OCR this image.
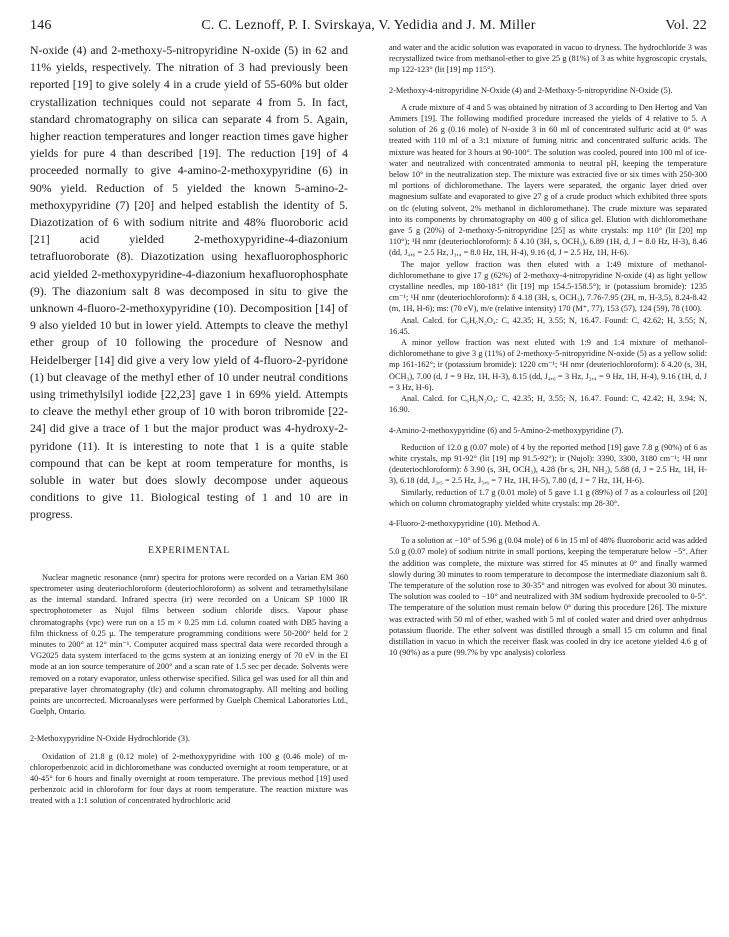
146	C. C. Leznoff, P. I. Svirskaya, V. Yedidia and J. M. Miller	Vol. 22

N-oxide (4) and 2-methoxy-5-nitropyridine N-oxide (5) in 62 and 11% yields, respectively. The nitration of 3 had previously been reported [19] to give solely 4 in a crude yield of 55-60% but older crystallization techniques could not separate 4 from 5. In fact, standard chromatography on silica can separate 4 from 5. Again, higher reaction temperatures and longer reaction times gave higher yields for pure 4 than described [19]. The reduction [19] of 4 proceeded normally to give 4-amino-2-methoxypyridine (6) in 90% yield. Reduction of 5 yielded the known 5-amino-2-methoxypyridine (7) [20] and helped establish the identity of 5. Diazotization of 6 with sodium nitrite and 48% fluoroboric acid [21] acid yielded 2-methoxypyridine-4-diazonium tetrafluoroborate (8). Diazotization using hexafluorophosphoric acid yielded 2-methoxypyridine-4-diazonium hexafluorophosphate (9). The diazonium salt 8 was decomposed in situ to give the unknown 4-fluoro-2-methoxypyridine (10). Decomposition [14] of 9 also yielded 10 but in lower yield. Attempts to cleave the methyl ether group of 10 following the procedure of Nesnow and Heidelberger [14] did give a very low yield of 4-fluoro-2-pyridone (1) but cleavage of the methyl ether of 10 under neutral conditions using trimethylsilyl iodide [22,23] gave 1 in 69% yield. Attempts to cleave the methyl ether group of 10 with boron tribromide [22-24] did give a trace of 1 but the major product was 4-hydroxy-2-pyridone (11). It is interesting to note that 1 is a quite stable compound that can be kept at room temperature for months, is soluble in water but does slowly decompose under aqueous conditions to give 11. Biological testing of 1 and 10 are in progress.

EXPERIMENTAL

Nuclear magnetic resonance (nmr) spectra for protons were recorded on a Varian EM 360 spectrometer using deuteriochloroform (deuteriochloroform) as solvent and tetramethylsilane as the internal standard. Infrared spectra (ir) were recorded on a Unicam SP 1000 IR spectrophotometer as Nujol films between sodium chloride discs. Vapour phase chromatographs (vpc) were run on a 15 m × 0.25 mm i.d. column coated with DB5 having a film thickness of 0.25 µ. The temperature programming conditions were 50-200° held for 2 minutes to 200° at 12° min⁻¹. Computer acquired mass spectral data were recorded through a VG2025 data system interfaced to the gcms system at an ionizing energy of 70 eV in the EI mode at an ion source temperature of 200° and a scan rate of 1.5 sec per decade. Solvents were removed on a rotary evaporator, unless otherwise specified. Silica gel was used for all thin and preparative layer chromatography (tlc) and column chromatography. All melting and boiling points are uncorrected. Microanalyses were performed by Guelph Chemical Laboratories Ltd., Guelph, Ontario.

2-Methoxypyridine N-Oxide Hydrochloride (3).

Oxidation of 21.8 g (0.12 mole) of 2-methoxypyridine with 100 g (0.46 mole) of m-chloroperbenzoic acid in dichloromethane was conducted overnight at room temperature, or at 40-45° for 6 hours and finally overnight at room temperature. The previous method [19] used perbenzoic acid in chloroform for four days at room temperature. The reaction mixture was treated with a 1:1 solution of concentrated hydrochloric acid

and water and the acidic solution was evaporated in vacuo to dryness. The hydrochloride 3 was recrystallized twice from methanol-ether to give 25 g (81%) of 3 as white hygroscopic crystals, mp 122-123° (lit [19] mp 115°).

2-Methoxy-4-nitropyridine N-Oxide (4) and 2-Methoxy-5-nitropyridine N-Oxide (5).

A crude mixture of 4 and 5 was obtained by nitration of 3 according to Den Hertog and Van Ammers [19]. The following modified procedure increased the yields of 4 relative to 5. A solution of 26 g (0.16 mole) of N-oxide 3 in 60 ml of concentrated sulfuric acid at 0° was treated with 110 ml of a 3:1 mixture of fuming nitric and concentrated sulfuric acids. The mixture was heated for 3 hours at 90-100°. The solution was cooled, poured into 100 ml of ice-water and neutralized with concentrated ammonia to neutral pH, keeping the temperature below 10° in the neutralization step. The mixture was extracted five or six times with 250-300 ml portions of dichloromethane. The layers were separated, the organic layer dried over magnesium sulfate and evaporated to give 27 g of a crude product which exhibited three spots on tlc (eluting solvent, 2% methanol in dichloromethane). The crude mixture was separated into its components by chromatography on 400 g of silica gel. Elution with dichloromethane gave 5 g (20%) of 2-methoxy-5-nitropyridine [25] as white crystals: mp 110° (lit [20] mp 110°); ¹H nmr (deuteriochloroform): δ 4.10 (3H, s, OCH₃), 6.89 (1H, d, J = 8.0 Hz, H-3), 8.46 (dd, J₄,₆ = 2.5 Hz, J₃,₄ = 8.0 Hz, 1H, H-4), 9.16 (d, J = 2.5 Hz, 1H, H-6).

The major yellow fraction was then eluted with a 1:49 mixture of methanol-dichloromethane to give 17 g (62%) of 2-methoxy-4-nitropyridine N-oxide (4) as light yellow crystalline needles, mp 180-181° (lit [19] mp 154.5-158.5°); ir (potassium bromide): 1235 cm⁻¹; ¹H nmr (deuteriochloroform): δ 4.18 (3H, s, OCH₃), 7.76-7.95 (2H, m, H-3,5), 8.24-8.42 (m, 1H, H-6); ms: (70 eV), m/e (relative intensity) 170 (M⁺, 77), 153 (57), 124 (59), 78 (100).

Anal. Calcd. for C₆H₆N₂O₄: C, 42.35; H, 3.55; N, 16.47. Found: C, 42.62; H, 3.55; N, 16.45.

A minor yellow fraction was next eluted with 1:9 and 1:4 mixture of methanol-dichloromethane to give 3 g (11%) of 2-methoxy-5-nitropyridine N-oxide (5) as a yellow solid: mp 161-162°; ir (potassium bromide): 1220 cm⁻¹; ¹H nmr (deuteriochloroform): δ 4.20 (s, 3H, OCH₃), 7.00 (d, J = 9 Hz, 1H, H-3), 8.15 (dd, J₄,₆ = 3 Hz, J₃,₄ = 9 Hz, 1H, H-4), 9.16 (1H, d, J = 3 Hz, H-6).

Anal. Calcd. for C₆H₆N₂O₄: C, 42.35; H, 3.55; N, 16.47. Found: C, 42.42; H, 3.94; N, 16.90.

4-Amino-2-methoxypyridine (6) and 5-Amino-2-methoxypyridine (7).

Reduction of 12.0 g (0.07 mole) of 4 by the reported method [19] gave 7.8 g (90%) of 6 as white crystals, mp 91-92° (lit [19] mp 91.5-92°); ir (Nujol): 3390, 3300, 3180 cm⁻¹; ¹H nmr (deuteriochloroform): δ 3.90 (s, 3H, OCH₃), 4.28 (br s, 2H, NH₂), 5.88 (d, J = 2.5 Hz, 1H, H-3), 6.18 (dd, J₃,₅ = 2.5 Hz, J₅,₆ = 7 Hz, 1H, H-5), 7.80 (d, J = 7 Hz, 1H, H-6).

Similarly, reduction of 1.7 g (0.01 mole) of 5 gave 1.1 g (89%) of 7 as a colourless oil [20] which on column chromatography yielded white crystals: mp 28-30°.

4-Fluoro-2-methoxypyridine (10). Method A.

To a solution at −10° of 5.96 g (0.04 mole) of 6 in 15 ml of 48% fluoroboric acid was added 5.0 g (0.07 mole) of sodium nitrite in small portions, keeping the temperature below −5°. After the addition was complete, the mixture was stirred for 45 minutes at 0° and finally warmed slowly during 30 minutes to room temperature to decompose the intermediate diazonium salt 8. The temperature of the solution rose to 30-35° and nitrogen was evolved for about 30 minutes. The solution was cooled to −10° and neutralized with 3M sodium hydroxide precooled to 0-5°. The temperature of the solution must remain below 0° during this procedure [26]. The mixture was extracted with 50 ml of ether, washed with 5 ml of cooled water and dried over anhydrous potassium fluoride. The ether solvent was distilled through a small 15 cm column and final distillation in vacuo in which the receiver flask was cooled in dry ice acetone yielded 4.6 g of 10 (90%) as a pure (99.7% by vpc analysis) colorless
